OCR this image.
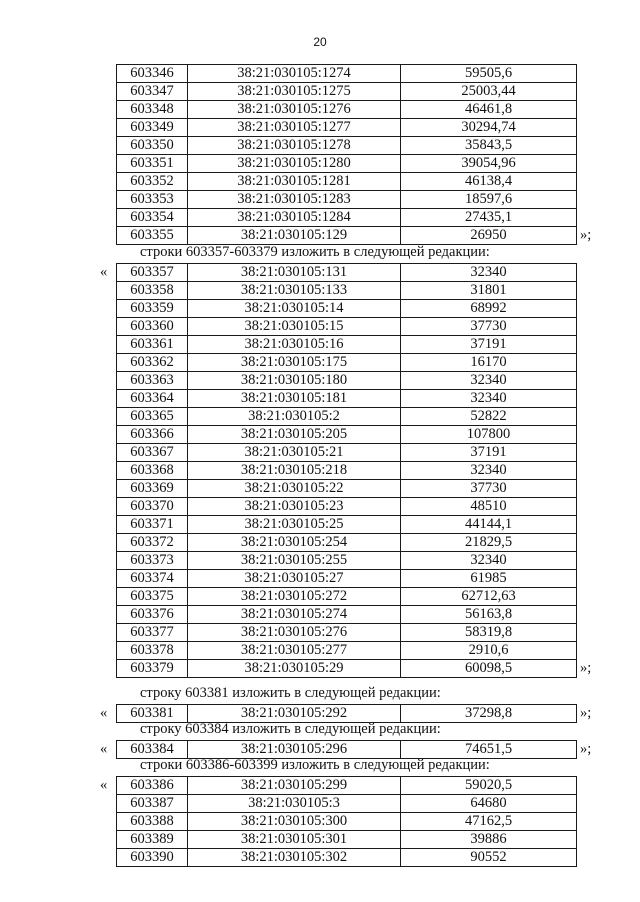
20
603346	38:21:030105:1274	59505,6
603347	38:21:030105:1275	25003,44
603348	38:21:030105:1276	46461,8
603349	38:21:030105:1277	30294,74
603350	38:21:030105:1278	35843,5
603351	38:21:030105:1280	39054,96
603352	38:21:030105:1281	46138,4
603353	38:21:030105:1283	18597,6
603354	38:21:030105:1284	27435,1
603355	38:21:030105:129	26950	»;
строки 603357-603379 изложить в следующей редакции:
« 603357	38:21:030105:131	32340
603358	38:21:030105:133	31801
603359	38:21:030105:14	68992
603360	38:21:030105:15	37730
603361	38:21:030105:16	37191
603362	38:21:030105:175	16170
603363	38:21:030105:180	32340
603364	38:21:030105:181	32340
603365	38:21:030105:2	52822
603366	38:21:030105:205	107800
603367	38:21:030105:21	37191
603368	38:21:030105:218	32340
603369	38:21:030105:22	37730
603370	38:21:030105:23	48510
603371	38:21:030105:25	44144,1
603372	38:21:030105:254	21829,5
603373	38:21:030105:255	32340
603374	38:21:030105:27	61985
603375	38:21:030105:272	62712,63
603376	38:21:030105:274	56163,8
603377	38:21:030105:276	58319,8
603378	38:21:030105:277	2910,6
603379	38:21:030105:29	60098,5	»;
строку 603381 изложить в следующей редакции:
« 603381	38:21:030105:292	37298,8	»;
строку 603384 изложить в следующей редакции:
« 603384	38:21:030105:296	74651,5	»;
строки 603386-603399 изложить в следующей редакции:
« 603386	38:21:030105:299	59020,5
603387	38:21:030105:3	64680
603388	38:21:030105:300	47162,5
603389	38:21:030105:301	39886
603390	38:21:030105:302	90552
